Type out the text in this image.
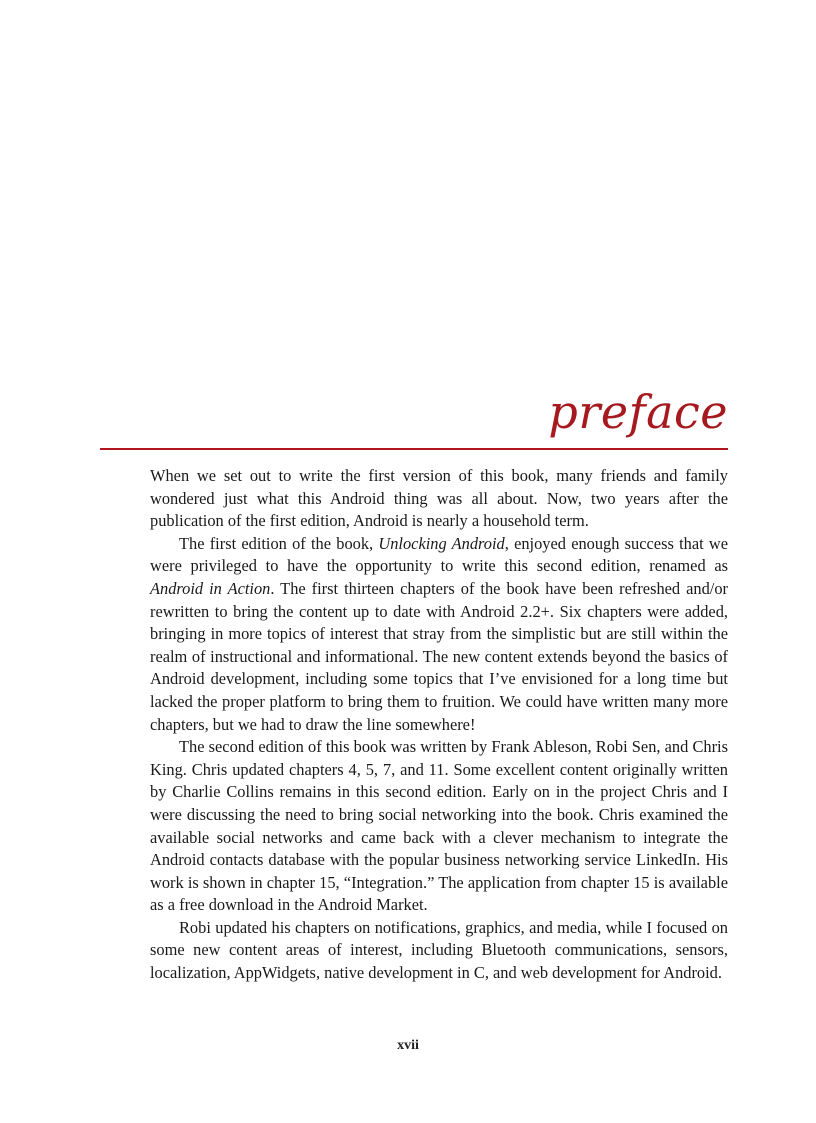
preface

When we set out to write the first version of this book, many friends and family wondered just what this Android thing was all about. Now, two years after the publication of the first edition, Android is nearly a household term.

The first edition of the book, Unlocking Android, enjoyed enough success that we were privileged to have the opportunity to write this second edition, renamed as Android in Action. The first thirteen chapters of the book have been refreshed and/or rewritten to bring the content up to date with Android 2.2+. Six chapters were added, bringing in more topics of interest that stray from the simplistic but are still within the realm of instructional and informational. The new content extends beyond the basics of Android development, including some topics that I’ve envisioned for a long time but lacked the proper platform to bring them to fruition. We could have written many more chapters, but we had to draw the line somewhere!

The second edition of this book was written by Frank Ableson, Robi Sen, and Chris King. Chris updated chapters 4, 5, 7, and 11. Some excellent content originally written by Charlie Collins remains in this second edition. Early on in the project Chris and I were discussing the need to bring social networking into the book. Chris examined the available social networks and came back with a clever mechanism to integrate the Android contacts database with the popular business networking service LinkedIn. His work is shown in chapter 15, “Integration.” The application from chapter 15 is available as a free download in the Android Market.

Robi updated his chapters on notifications, graphics, and media, while I focused on some new content areas of interest, including Bluetooth communications, sensors, localization, AppWidgets, native development in C, and web development for Android.

xvii
